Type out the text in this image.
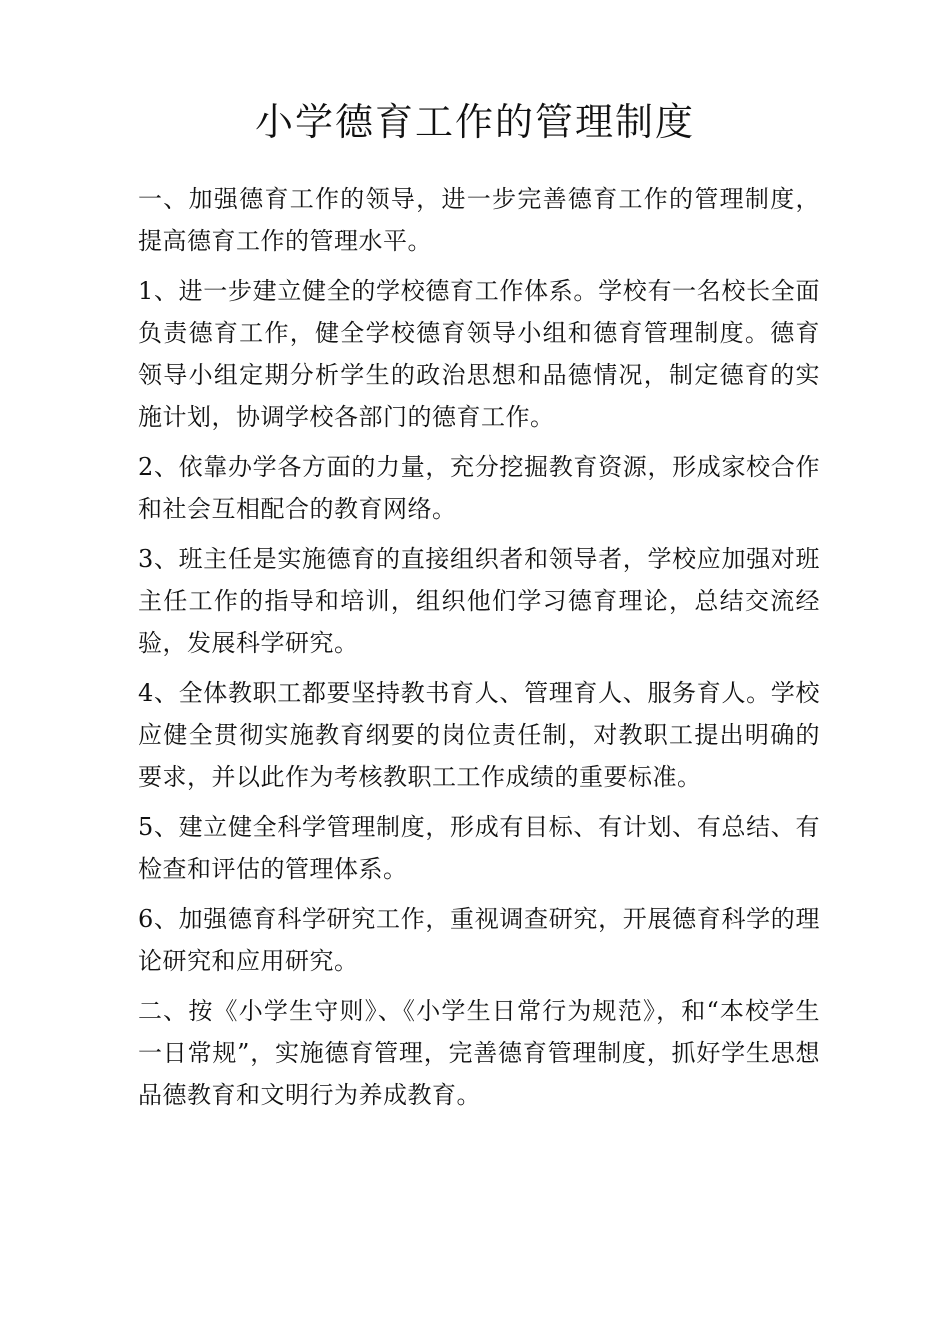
小学德育工作的管理制度

一、加强德育工作的领导，进一步完善德育工作的管理制度，提高德育工作的管理水平。

1、进一步建立健全的学校德育工作体系。学校有一名校长全面负责德育工作，健全学校德育领导小组和德育管理制度。德育领导小组定期分析学生的政治思想和品德情况，制定德育的实施计划，协调学校各部门的德育工作。

2、依靠办学各方面的力量，充分挖掘教育资源，形成家校合作和社会互相配合的教育网络。

3、班主任是实施德育的直接组织者和领导者，学校应加强对班主任工作的指导和培训，组织他们学习德育理论，总结交流经验，发展科学研究。

4、全体教职工都要坚持教书育人、管理育人、服务育人。学校应健全贯彻实施教育纲要的岗位责任制，对教职工提出明确的要求，并以此作为考核教职工工作成绩的重要标准。

5、建立健全科学管理制度，形成有目标、有计划、有总结、有检查和评估的管理体系。

6、加强德育科学研究工作，重视调查研究，开展德育科学的理论研究和应用研究。

二、按《小学生守则》、《小学生日常行为规范》，和“本校学生一日常规”，实施德育管理，完善德育管理制度，抓好学生思想品德教育和文明行为养成教育。
